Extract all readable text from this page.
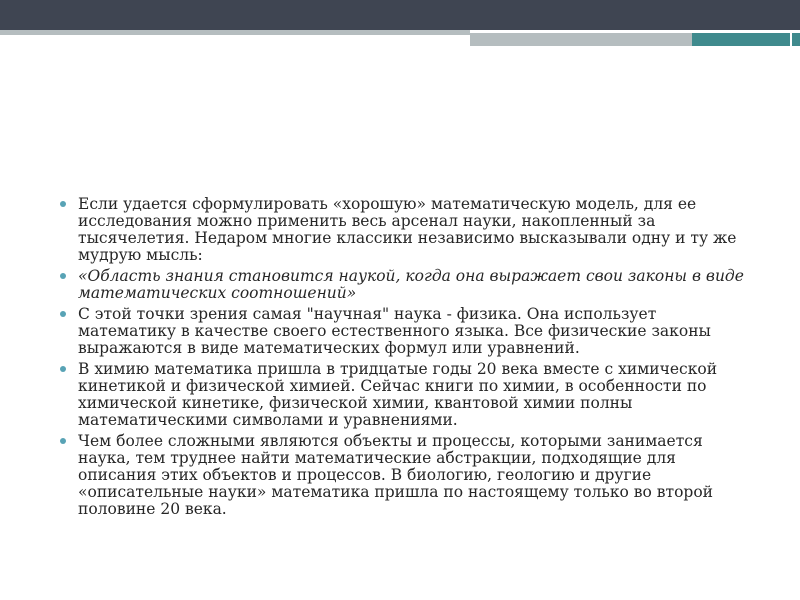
Если удается сформулировать «хорошую» математическую модель, для ее исследования можно применить весь арсенал науки, накопленный за тысячелетия. Недаром многие классики независимо высказывали одну и ту же мудрую мысль:
«Область знания становится наукой, когда она выражает свои законы в виде математических соотношений»
С этой точки зрения самая "научная" наука ‑ физика. Она использует математику в качестве своего естественного языка. Все физические законы выражаются в виде математических формул или уравнений.
В химию математика пришла в тридцатые годы 20 века вместе с химической кинетикой и физической химией. Сейчас книги по химии, в особенности по химической кинетике, физической химии, квантовой химии полны математическими символами и уравнениями.
Чем более сложными являются объекты и процессы, которыми занимается наука, тем труднее найти математические абстракции, подходящие для описания этих объектов и процессов. В биологию, геологию и другие «описательные науки» математика пришла по настоящему только во второй половине 20 века.
